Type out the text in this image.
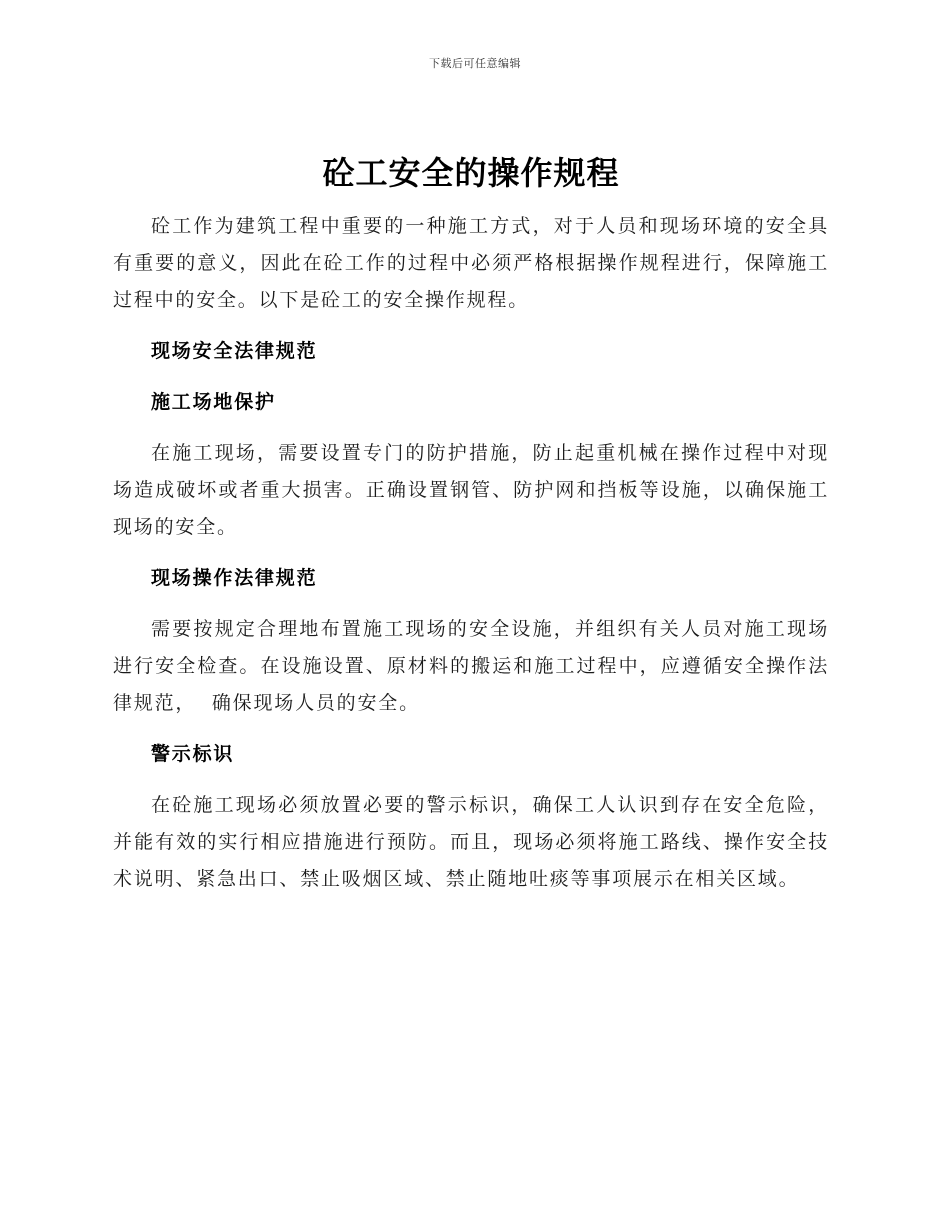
下载后可任意编辑
砼工安全的操作规程

砼工作为建筑工程中重要的一种施工方式，对于人员和现场环境的安全具有重要的意义，因此在砼工作的过程中必须严格根据操作规程进行，保障施工过程中的安全。以下是砼工的安全操作规程。

现场安全法律规范
施工场地保护

在施工现场，需要设置专门的防护措施，防止起重机械在操作过程中对现场造成破坏或者重大损害。正确设置钢管、防护网和挡板等设施，以确保施工现场的安全。

现场操作法律规范

需要按规定合理地布置施工现场的安全设施，并组织有关人员对施工现场进行安全检查。在设施设置、原材料的搬运和施工过程中，应遵循安全操作法律规范，  确保现场人员的安全。

警示标识

在砼施工现场必须放置必要的警示标识，确保工人认识到存在安全危险，并能有效的实行相应措施进行预防。而且，现场必须将施工路线、操作安全技术说明、紧急出口、禁止吸烟区域、禁止随地吐痰等事项展示在相关区域。
